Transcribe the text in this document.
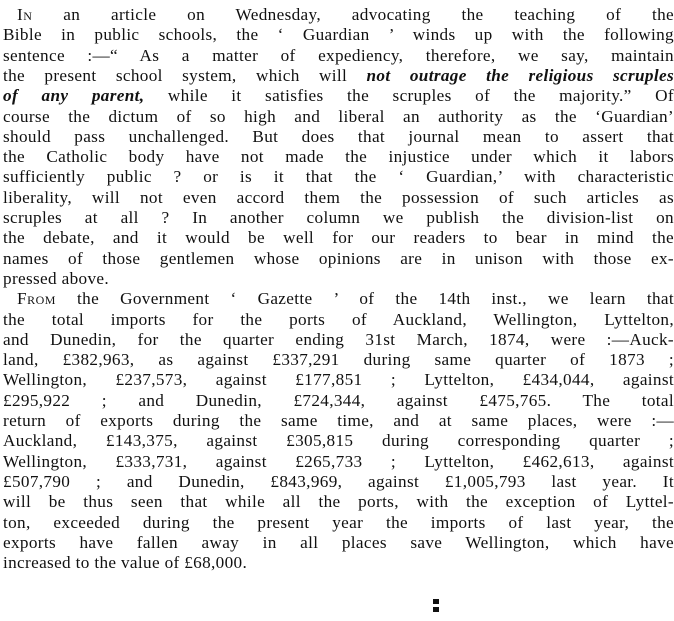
In an article on Wednesday, advocating the teaching of the
Bible in public schools, the ‘ Guardian ’ winds up with the following
sentence :—“ As a matter of expediency, therefore, we say, maintain
the present school system, which will not outrage the religious scruples
of any parent, while it satisfies the scruples of the majority.” Of
course the dictum of so high and liberal an authority as the ‘Guardian’
should pass unchallenged. But does that journal mean to assert that
the Catholic body have not made the injustice under which it labors
sufficiently public ? or is it that the ‘ Guardian,’ with characteristic
liberality, will not even accord them the possession of such articles as
scruples at all ? In another column we publish the division-list on
the debate, and it would be well for our readers to bear in mind the
names of those gentlemen whose opinions are in unison with those ex-
pressed above.
From the Government ‘ Gazette ’ of the 14th inst., we learn that
the total imports for the ports of Auckland, Wellington, Lyttelton,
and Dunedin, for the quarter ending 31st March, 1874, were :—Auck-
land, £382,963, as against £337,291 during same quarter of 1873 ;
Wellington, £237,573, against £177,851 ; Lyttelton, £434,044, against
£295,922 ; and Dunedin, £724,344, against £475,765. The total
return of exports during the same time, and at same places, were :—
Auckland, £143,375, against £305,815 during corresponding quarter ;
Wellington, £333,731, against £265,733 ; Lyttelton, £462,613, against
£507,790 ; and Dunedin, £843,969, against £1,005,793 last year. It
will be thus seen that while all the ports, with the exception of Lyttel-
ton, exceeded during the present year the imports of last year, the
exports have fallen away in all places save Wellington, which have
increased to the value of £68,000.
